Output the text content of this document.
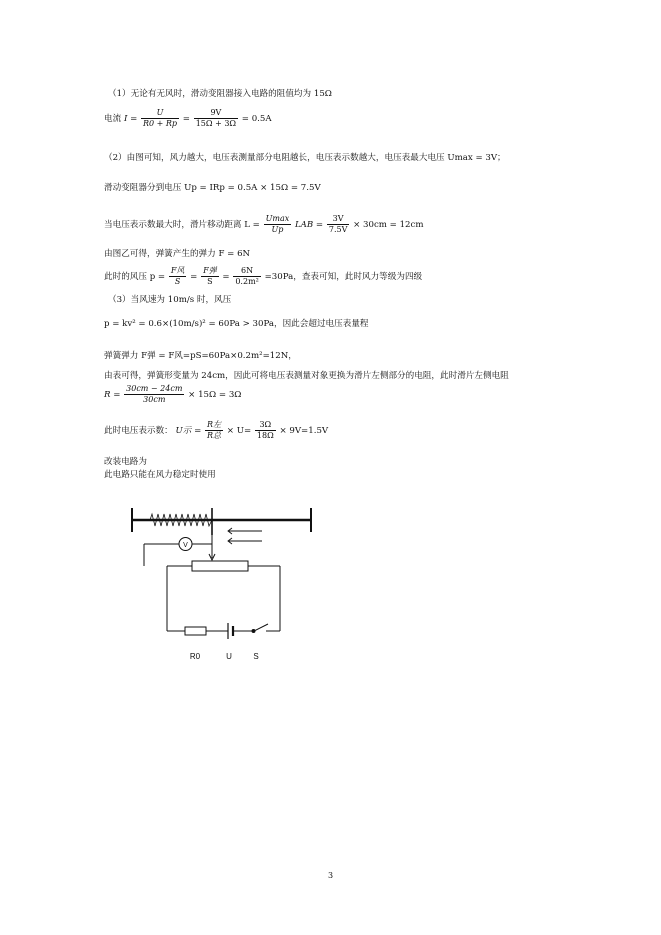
（1）无论有无风时，滑动变阻器接入电路的阻值均为 15Ω
电流 $I = \frac{U}{R0 + Rp} = \frac{9V}{15\Omega + 3\Omega} = 0.5A$
（2）由图可知，风力越大，电压表测量部分电阻越长，电压表示数越大，电压表最大电压 Umax = 3V；
滑动变阻器分到电压 Up = IRp = 0.5A × 15Ω = 7.5V
当电压表示数最大时，滑片移动距离 L =
Umax
Up	LAB = $\frac{3V}{7.5V} \times 30cm = 12cm$
由图乙可得，弹簧产生的弹力 F = 6N
此时的风压 p =
F风
S =
F弹
$S = \frac{6N}{\text{0.2m²}} =30Pa$，查表可知，此时风力等级为四级
（3）当风速为 10m/s 时，风压
p = kv² = 0.6×(10m/s)² = 60Pa > 30Pa，因此会超过电压表量程
弹簧弹力 F弹 = F风=pS=60Pa×0.2m²=12N，
由表可得，弹簧形变量为 24cm，因此可将电压表测量对象更换为滑片左侧部分的电阻，此时滑片左侧电阻
$R = \frac{30cm - 24cm}{30cm} \times 15\Omega = 3\Omega$
此时电压表示数： U示 =
R左
R总 × $U= \frac{3\Omega}{18\Omega} \times 9V=1.5V$
改装电路为
此电路只能在风力稳定时使用
V
R0	U	S
3
